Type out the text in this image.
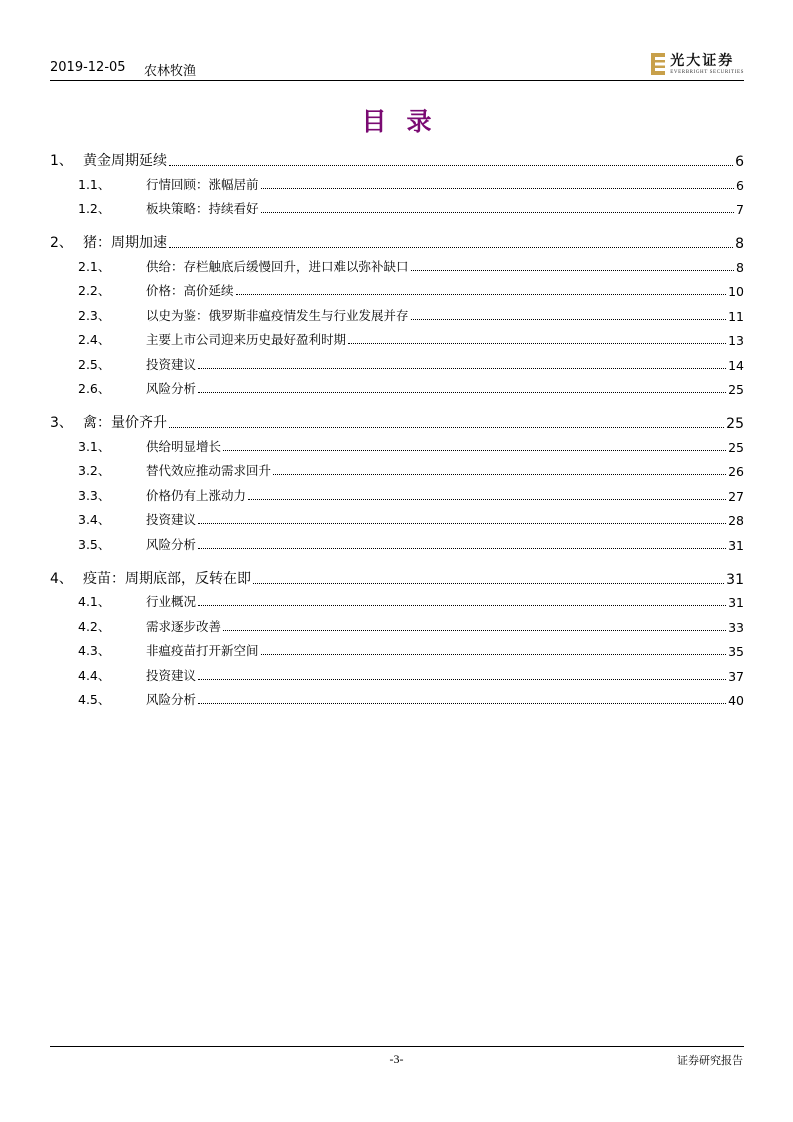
2019-12-05 农林牧渔
光大证券
EVERBRIGHT SECURITIES
目录
1、 黄金周期延续	6
1.1、	行情回顾：涨幅居前	6
1.2、	板块策略：持续看好	7
2、 猪：周期加速	8
2.1、	供给：存栏触底后缓慢回升，进口难以弥补缺口	8
2.2、	价格：高价延续	10
2.3、	以史为鉴：俄罗斯非瘟疫情发生与行业发展并存	11
2.4、	主要上市公司迎来历史最好盈利时期	13
2.5、	投资建议	14
2.6、	风险分析	25
3、 禽：量价齐升	25
3.1、	供给明显增长	25
3.2、	替代效应推动需求回升	26
3.3、	价格仍有上涨动力	27
3.4、	投资建议	28
3.5、	风险分析	31
4、 疫苗：周期底部，反转在即	31
4.1、	行业概况	31
4.2、	需求逐步改善	33
4.3、	非瘟疫苗打开新空间	35
4.4、	投资建议	37
4.5、	风险分析	40
-3-	证券研究报告
